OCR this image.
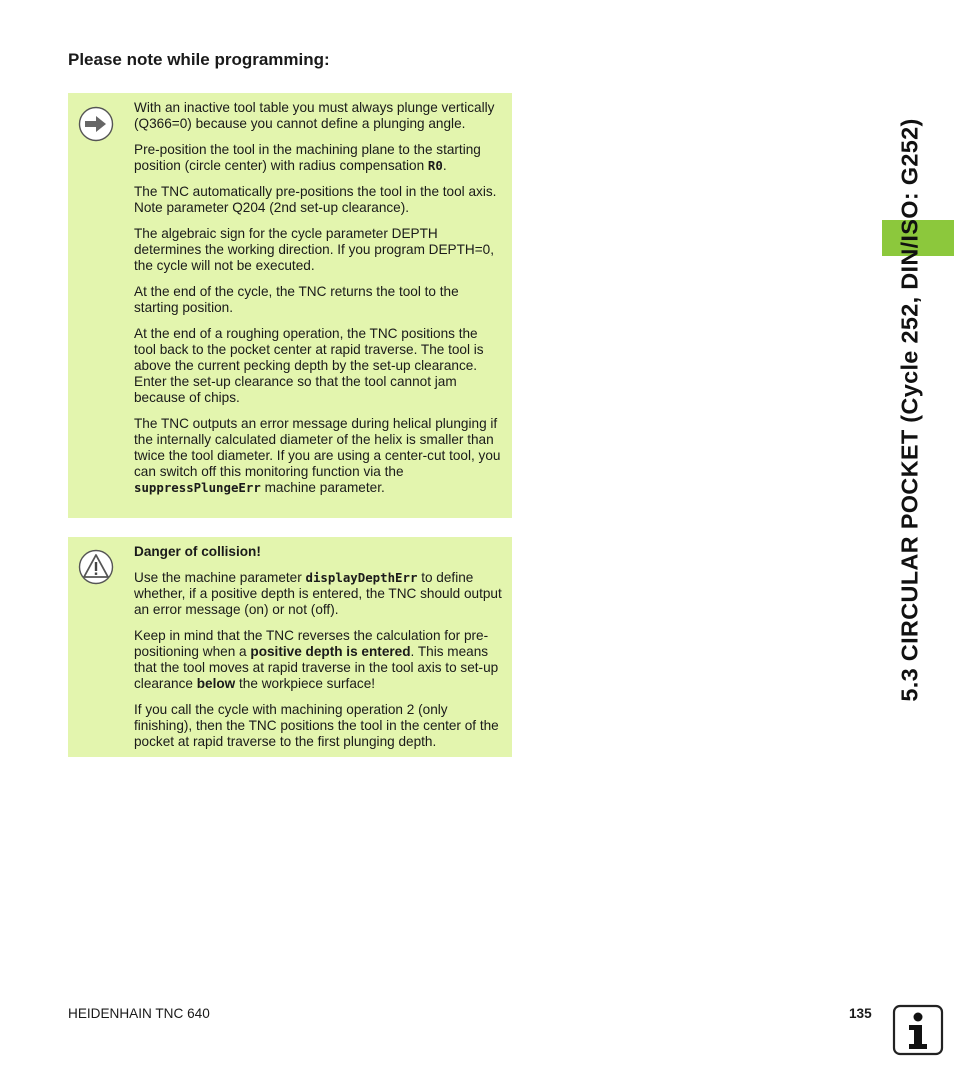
Please note while programming:

With an inactive tool table you must always plunge vertically (Q366=0) because you cannot define a plunging angle.

Pre-position the tool in the machining plane to the starting position (circle center) with radius compensation R0.

The TNC automatically pre-positions the tool in the tool axis. Note parameter Q204 (2nd set-up clearance).

The algebraic sign for the cycle parameter DEPTH determines the working direction. If you program DEPTH=0, the cycle will not be executed.

At the end of the cycle, the TNC returns the tool to the starting position.

At the end of a roughing operation, the TNC positions the tool back to the pocket center at rapid traverse. The tool is above the current pecking depth by the set-up clearance. Enter the set-up clearance so that the tool cannot jam because of chips.

The TNC outputs an error message during helical plunging if the internally calculated diameter of the helix is smaller than twice the tool diameter. If you are using a center-cut tool, you can switch off this monitoring function via the suppressPlungeErr machine parameter.

Danger of collision!

Use the machine parameter displayDepthErr to define whether, if a positive depth is entered, the TNC should output an error message (on) or not (off).

Keep in mind that the TNC reverses the calculation for pre-positioning when a positive depth is entered. This means that the tool moves at rapid traverse in the tool axis to set-up clearance below the workpiece surface!

If you call the cycle with machining operation 2 (only finishing), then the TNC positions the tool in the center of the pocket at rapid traverse to the first plunging depth.

5.3 CIRCULAR POCKET (Cycle 252, DIN/ISO: G252)
HEIDENHAIN TNC 640	135
